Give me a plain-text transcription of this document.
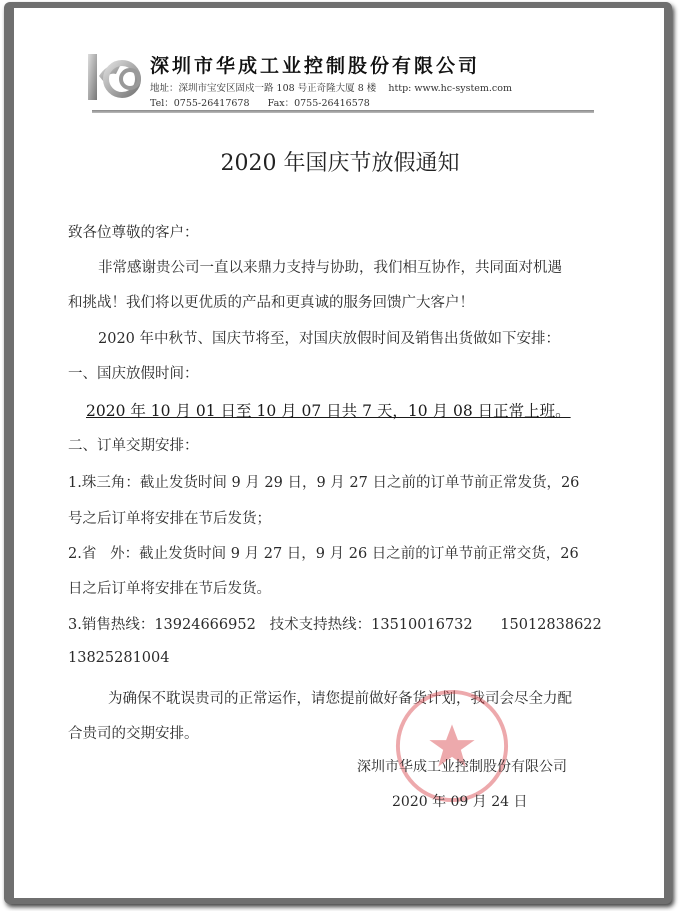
深圳市华成工业控制股份有限公司
地址：深圳市宝安区固戍一路 108 号正奇隆大厦 8 楼    http: www.hc-system.com
Tel：0755-26417678      Fax：0755-26416578
2020 年国庆节放假通知
致各位尊敬的客户：
非常感谢贵公司一直以来鼎力支持与协助，我们相互协作，共同面对机遇
和挑战！我们将以更优质的产品和更真诚的服务回馈广大客户！
2020 年中秋节、国庆节将至，对国庆放假时间及销售出货做如下安排：
一、国庆放假时间：
2020 年 10 月 01 日至 10 月 07 日共 7 天，10 月 08 日正常上班。
二、订单交期安排：
1.珠三角：截止发货时间 9 月 29 日，9 月 27 日之前的订单节前正常发货，26
号之后订单将安排在节后发货；
2.省   外：截止发货时间 9 月 27 日，9 月 26 日之前的订单节前正常交货，26
日之后订单将安排在节后发货。
3.销售热线：13924666952   技术支持热线：13510016732      15012838622
13825281004
为确保不耽误贵司的正常运作，请您提前做好备货计划，我司会尽全力配
合贵司的交期安排。
深圳市华成工业控制股份有限公司
2020 年 09 月 24 日
